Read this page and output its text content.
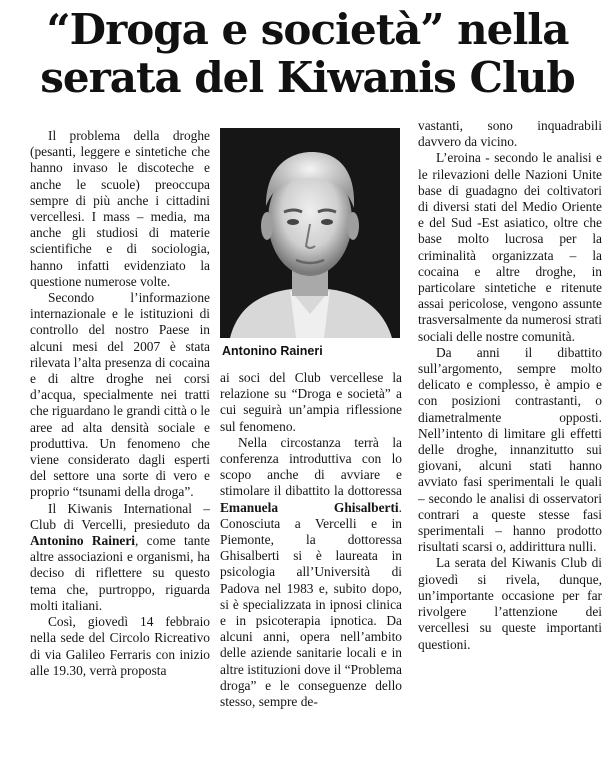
“Droga e società” nella
serata del Kiwanis Club

Il problema della droghe (pesanti, leggere e sintetiche che hanno invaso le discoteche e anche le scuole) preoccupa sempre di più anche i cittadini vercellesi. I mass – media, ma anche gli studiosi di materie scientifiche e di sociologia, hanno infatti evidenziato la questione numerose volte.

Secondo l’informazione internazionale e le istituzioni di controllo del nostro Paese in alcuni mesi del 2007 è stata rilevata l’alta presenza di cocaina e di altre droghe nei corsi d’acqua, specialmente nei tratti che riguardano le grandi città o le aree ad alta densità sociale e produttiva. Un fenomeno che viene considerato dagli esperti del settore una sorte di vero e proprio “tsunami della droga”.

Il Kiwanis International – Club di Vercelli, presieduto da Antonino Raineri, come tante altre associazioni e organismi, ha deciso di riflettere su questo tema che, purtroppo, riguarda molti italiani.

Così, giovedì 14 febbraio nella sede del Circolo Ricreativo di via Galileo Ferraris con inizio alle 19.30, verrà proposta

Antonino Raineri

ai soci del Club vercellese la relazione su “Droga e società” a cui seguirà un’ampia riflessione sul fenomeno.

Nella circostanza terrà la conferenza introduttiva con lo scopo anche di avviare e stimolare il dibattito la dottoressa Emanuela Ghisalberti. Conosciuta a Vercelli e in Piemonte, la dottoressa Ghisalberti si è laureata in psicologia all’Università di Padova nel 1983 e, subito dopo, si è specializzata in ipnosi clinica e in psicoterapia ipnotica. Da alcuni anni, opera nell’ambito delle aziende sanitarie locali e in altre istituzioni dove il “Problema droga” e le conseguenze dello stesso, sempre de-

vastanti, sono inquadrabili davvero da vicino.

L’eroina - secondo le analisi e le rilevazioni delle Nazioni Unite base di guadagno dei coltivatori di diversi stati del Medio Oriente e del Sud -Est asiatico, oltre che base molto lucrosa per la criminalità organizzata – la cocaina e altre droghe, in particolare sintetiche e ritenute assai pericolose, vengono assunte trasversalmente da numerosi strati sociali delle nostre comunità.

Da anni il dibattito sull’argomento, sempre molto delicato e complesso, è ampio e con posizioni contrastanti, o diametralmente opposti. Nell’intento di limitare gli effetti delle droghe, innanzitutto sui giovani, alcuni stati hanno avviato fasi sperimentali le quali – secondo le analisi di osservatori contrari a queste stesse fasi sperimentali – hanno prodotto risultati scarsi o, addirittura nulli.

La serata del Kiwanis Club di giovedì si rivela, dunque, un’importante occasione per far rivolgere l’attenzione dei vercellesi su queste importanti questioni.
